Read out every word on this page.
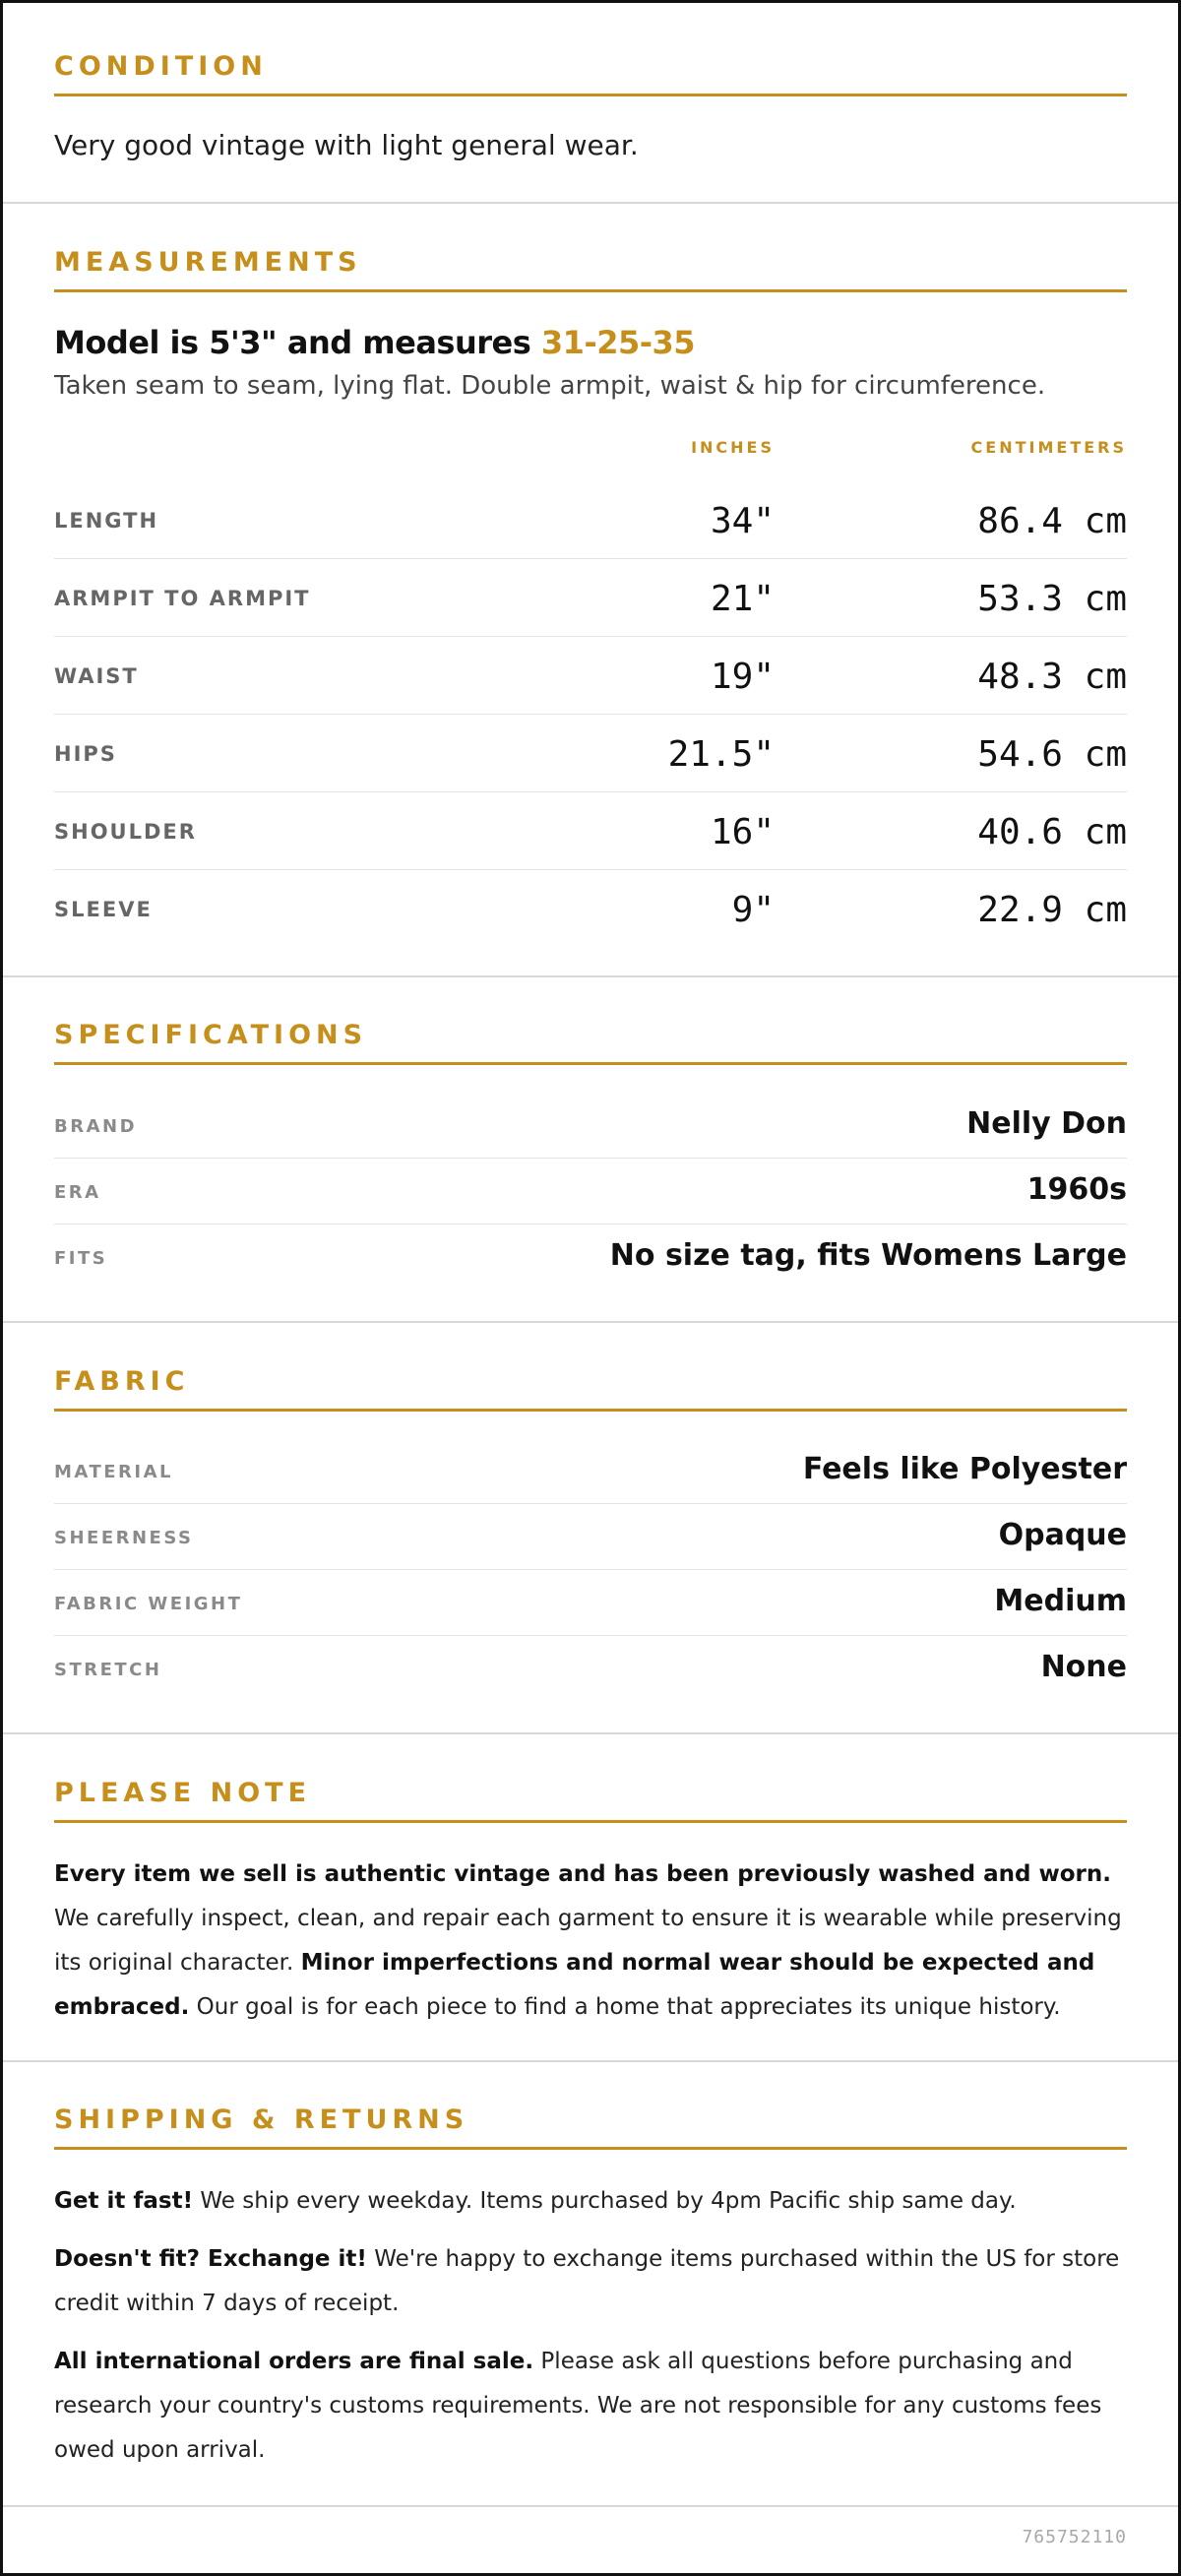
CONDITION
Very good vintage with light general wear.
MEASUREMENTS
Model is 5'3" and measures 31-25-35
Taken seam to seam, lying flat. Double armpit, waist & hip for circumference.
INCHES	CENTIMETERS
LENGTH	34"	86.4 cm
ARMPIT TO ARMPIT	21"	53.3 cm
WAIST	19"	48.3 cm
HIPS	21.5"	54.6 cm
SHOULDER	16"	40.6 cm
SLEEVE	9"	22.9 cm
SPECIFICATIONS
BRAND	Nelly Don
ERA	1960s
FITS	No size tag, fits Womens Large
FABRIC
MATERIAL	Feels like Polyester
SHEERNESS	Opaque
FABRIC WEIGHT	Medium
STRETCH	None
PLEASE NOTE

Every item we sell is authentic vintage and has been previously washed and worn. We carefully inspect, clean, and repair each garment to ensure it is wearable while preserving its original character. Minor imperfections and normal wear should be expected and embraced. Our goal is for each piece to find a home that appreciates its unique history.

SHIPPING & RETURNS

Get it fast! We ship every weekday. Items purchased by 4pm Pacific ship same day.

Doesn't fit? Exchange it! We're happy to exchange items purchased within the US for store credit within 7 days of receipt.

All international orders are final sale. Please ask all questions before purchasing and research your country's customs requirements. We are not responsible for any customs fees owed upon arrival.

765752110
